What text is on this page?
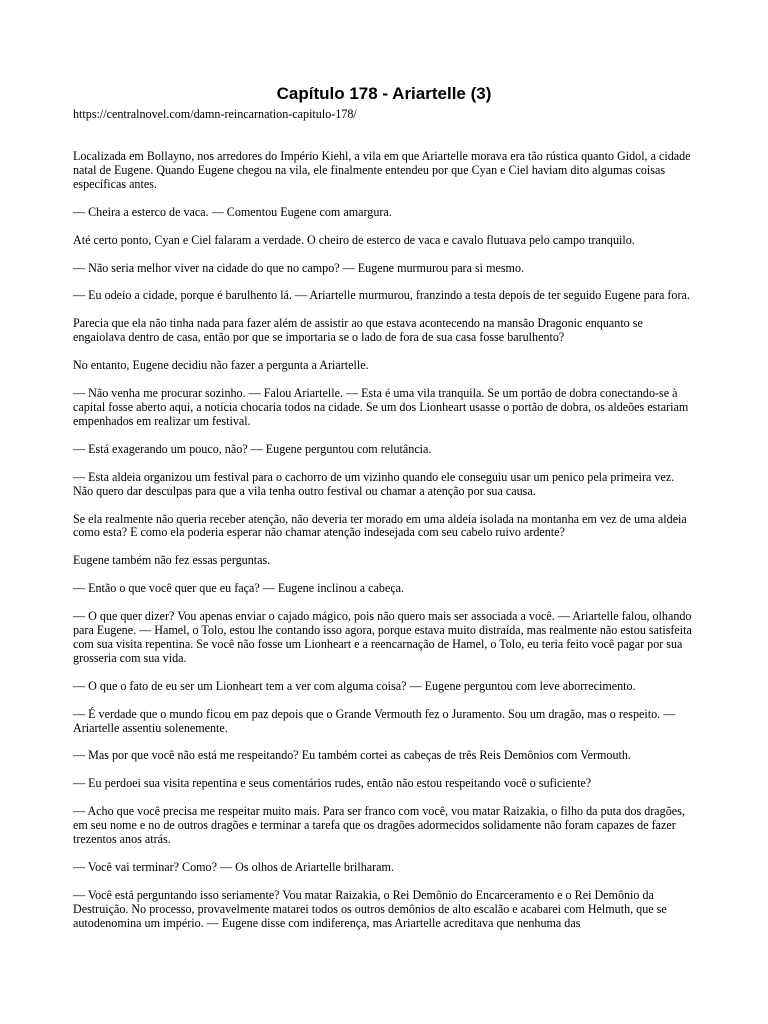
Capítulo 178 - Ariartelle (3)

https://centralnovel.com/damn-reincarnation-capitulo-178/

Localizada em Bollayno, nos arredores do Império Kiehl, a vila em que Ariartelle morava era tão rústica quanto Gidol, a cidade natal de Eugene. Quando Eugene chegou na vila, ele finalmente entendeu por que Cyan e Ciel haviam dito algumas coisas específicas antes.

— Cheira a esterco de vaca. — Comentou Eugene com amargura.

Até certo ponto, Cyan e Ciel falaram a verdade. O cheiro de esterco de vaca e cavalo flutuava pelo campo tranquilo.

— Não seria melhor viver na cidade do que no campo? — Eugene murmurou para si mesmo.

— Eu odeio a cidade, porque é barulhento lá. — Ariartelle murmurou, franzindo a testa depois de ter seguido Eugene para fora.

Parecia que ela não tinha nada para fazer além de assistir ao que estava acontecendo na mansão Dragonic enquanto se engaiolava dentro de casa, então por que se importaria se o lado de fora de sua casa fosse barulhento?

No entanto, Eugene decidiu não fazer a pergunta a Ariartelle.

— Não venha me procurar sozinho. — Falou Ariartelle. — Esta é uma vila tranquila. Se um portão de dobra conectando-se à capital fosse aberto aqui, a notícia chocaria todos na cidade. Se um dos Lionheart usasse o portão de dobra, os aldeões estariam empenhados em realizar um festival.

— Está exagerando um pouco, não? — Eugene perguntou com relutância.

— Esta aldeia organizou um festival para o cachorro de um vizinho quando ele conseguiu usar um penico pela primeira vez. Não quero dar desculpas para que a vila tenha outro festival ou chamar a atenção por sua causa.

Se ela realmente não queria receber atenção, não deveria ter morado em uma aldeia isolada na montanha em vez de uma aldeia como esta? E como ela poderia esperar não chamar atenção indesejada com seu cabelo ruivo ardente?

Eugene também não fez essas perguntas.

— Então o que você quer que eu faça? — Eugene inclinou a cabeça.

— O que quer dizer? Vou apenas enviar o cajado mágico, pois não quero mais ser associada a você. — Ariartelle falou, olhando para Eugene. — Hamel, o Tolo, estou lhe contando isso agora, porque estava muito distraída, mas realmente não estou satisfeita com sua visita repentina. Se você não fosse um Lionheart e a reencarnação de Hamel, o Tolo, eu teria feito você pagar por sua grosseria com sua vida.

— O que o fato de eu ser um Lionheart tem a ver com alguma coisa? — Eugene perguntou com leve aborrecimento.

— É verdade que o mundo ficou em paz depois que o Grande Vermouth fez o Juramento. Sou um dragão, mas o respeito. — Ariartelle assentiu solenemente.

— Mas por que você não está me respeitando? Eu também cortei as cabeças de três Reis Demônios com Vermouth.

— Eu perdoei sua visita repentina e seus comentários rudes, então não estou respeitando você o suficiente?

— Acho que você precisa me respeitar muito mais. Para ser franco com você, vou matar Raizakia, o filho da puta dos dragões, em seu nome e no de outros dragões e terminar a tarefa que os dragões adormecidos solidamente não foram capazes de fazer trezentos anos atrás.

— Você vai terminar? Como? — Os olhos de Ariartelle brilharam.

— Você está perguntando isso seriamente? Vou matar Raizakia, o Rei Demônio do Encarceramento e o Rei Demônio da Destruição. No processo, provavelmente matarei todos os outros demônios de alto escalão e acabarei com Helmuth, que se autodenomina um império. — Eugene disse com indiferença, mas Ariartelle acreditava que nenhuma das
